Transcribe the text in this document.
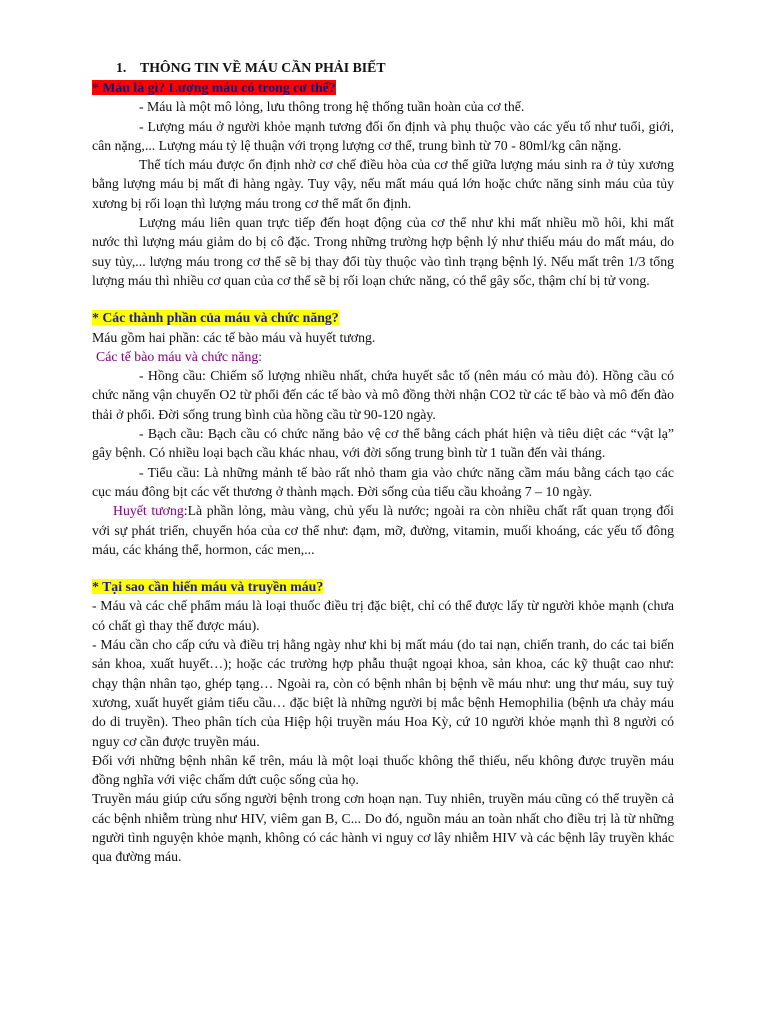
1. THÔNG TIN VỀ MÁU CẦN PHẢI BIẾT

* Máu là gì? Lượng máu có trong cơ thể?

- Máu là một mô lỏng, lưu thông trong hệ thống tuần hoàn của cơ thể.

- Lượng máu ở người khỏe mạnh tương đối ổn định và phụ thuộc vào các yếu tố như tuổi, giới, cân nặng,... Lượng máu tỷ lệ thuận với trọng lượng cơ thể, trung bình từ 70 - 80ml/kg cân nặng.

Thể tích máu được ổn định nhờ cơ chế điều hòa của cơ thể giữa lượng máu sinh ra ở tủy xương bằng lượng máu bị mất đi hàng ngày. Tuy vậy, nếu mất máu quá lớn hoặc chức năng sinh máu của tủy xương bị rối loạn thì lượng máu trong cơ thể mất ổn định.

Lượng máu liên quan trực tiếp đến hoạt động của cơ thể như khi mất nhiều mồ hôi, khi mất nước thì lượng máu giảm do bị cô đặc. Trong những trường hợp bệnh lý như thiếu máu do mất máu, do suy tủy,... lượng máu trong cơ thể sẽ bị thay đổi tùy thuộc vào tình trạng bệnh lý. Nếu mất trên 1/3 tổng lượng máu thì nhiều cơ quan của cơ thể sẽ bị rối loạn chức năng, có thể gây sốc, thậm chí bị tử vong.

* Các thành phần của máu và chức năng?

Máu gồm hai phần: các tế bào máu và huyết tương.

Các tế bào máu và chức năng:

- Hồng cầu: Chiếm số lượng nhiều nhất, chứa huyết sắc tố (nên máu có màu đỏ). Hồng cầu có chức năng vận chuyển O2 từ phổi đến các tế bào và mô đồng thời nhận CO2 từ các tế bào và mô đến đào thải ở phổi. Đời sống trung bình của hồng cầu từ 90-120 ngày.

- Bạch cầu: Bạch cầu có chức năng bảo vệ cơ thể bằng cách phát hiện và tiêu diệt các “vật lạ” gây bệnh. Có nhiều loại bạch cầu khác nhau, với đời sống trung bình từ 1 tuần đến vài tháng.

- Tiểu cầu: Là những mảnh tế bào rất nhỏ tham gia vào chức năng cầm máu bằng cách tạo các cục máu đông bịt các vết thương ở thành mạch. Đời sống của tiểu cầu khoảng 7 – 10 ngày.

Huyết tương:Là phần lỏng, màu vàng, chủ yếu là nước; ngoài ra còn nhiều chất rất quan trọng đối với sự phát triển, chuyển hóa của cơ thể như: đạm, mỡ, đường, vitamin, muối khoáng, các yếu tố đông máu, các kháng thể, hormon, các men,...

* Tại sao cần hiến máu và truyền máu?

- Máu và các chế phẩm máu là loại thuốc điều trị đặc biệt, chỉ có thể được lấy từ người khỏe mạnh (chưa có chất gì thay thế được máu).

- Máu cần cho cấp cứu và điều trị hằng ngày như khi bị mất máu (do tai nạn, chiến tranh, do các tai biến sản khoa, xuất huyết…); hoặc các trường hợp phẫu thuật ngoại khoa, sản khoa, các kỹ thuật cao như: chạy thận nhân tạo, ghép tạng… Ngoài ra, còn có bệnh nhân bị bệnh về máu như: ung thư máu, suy tuỷ xương, xuất huyết giảm tiểu cầu… đặc biệt là những người bị mắc bệnh Hemophilia (bệnh ưa chảy máu do di truyền). Theo phân tích của Hiệp hội truyền máu Hoa Kỳ, cứ 10 người khỏe mạnh thì 8 người có nguy cơ cần được truyền máu.

Đối với những bệnh nhân kể trên, máu là một loại thuốc không thể thiếu, nếu không được truyền máu đồng nghĩa với việc chấm dứt cuộc sống của họ.

Truyền máu giúp cứu sống người bệnh trong cơn hoạn nạn. Tuy nhiên, truyền máu cũng có thể truyền cả các bệnh nhiễm trùng như HIV, viêm gan B, C... Do đó, nguồn máu an toàn nhất cho điều trị là từ những người tình nguyện khỏe mạnh, không có các hành vi nguy cơ lây nhiễm HIV và các bệnh lây truyền khác qua đường máu.
